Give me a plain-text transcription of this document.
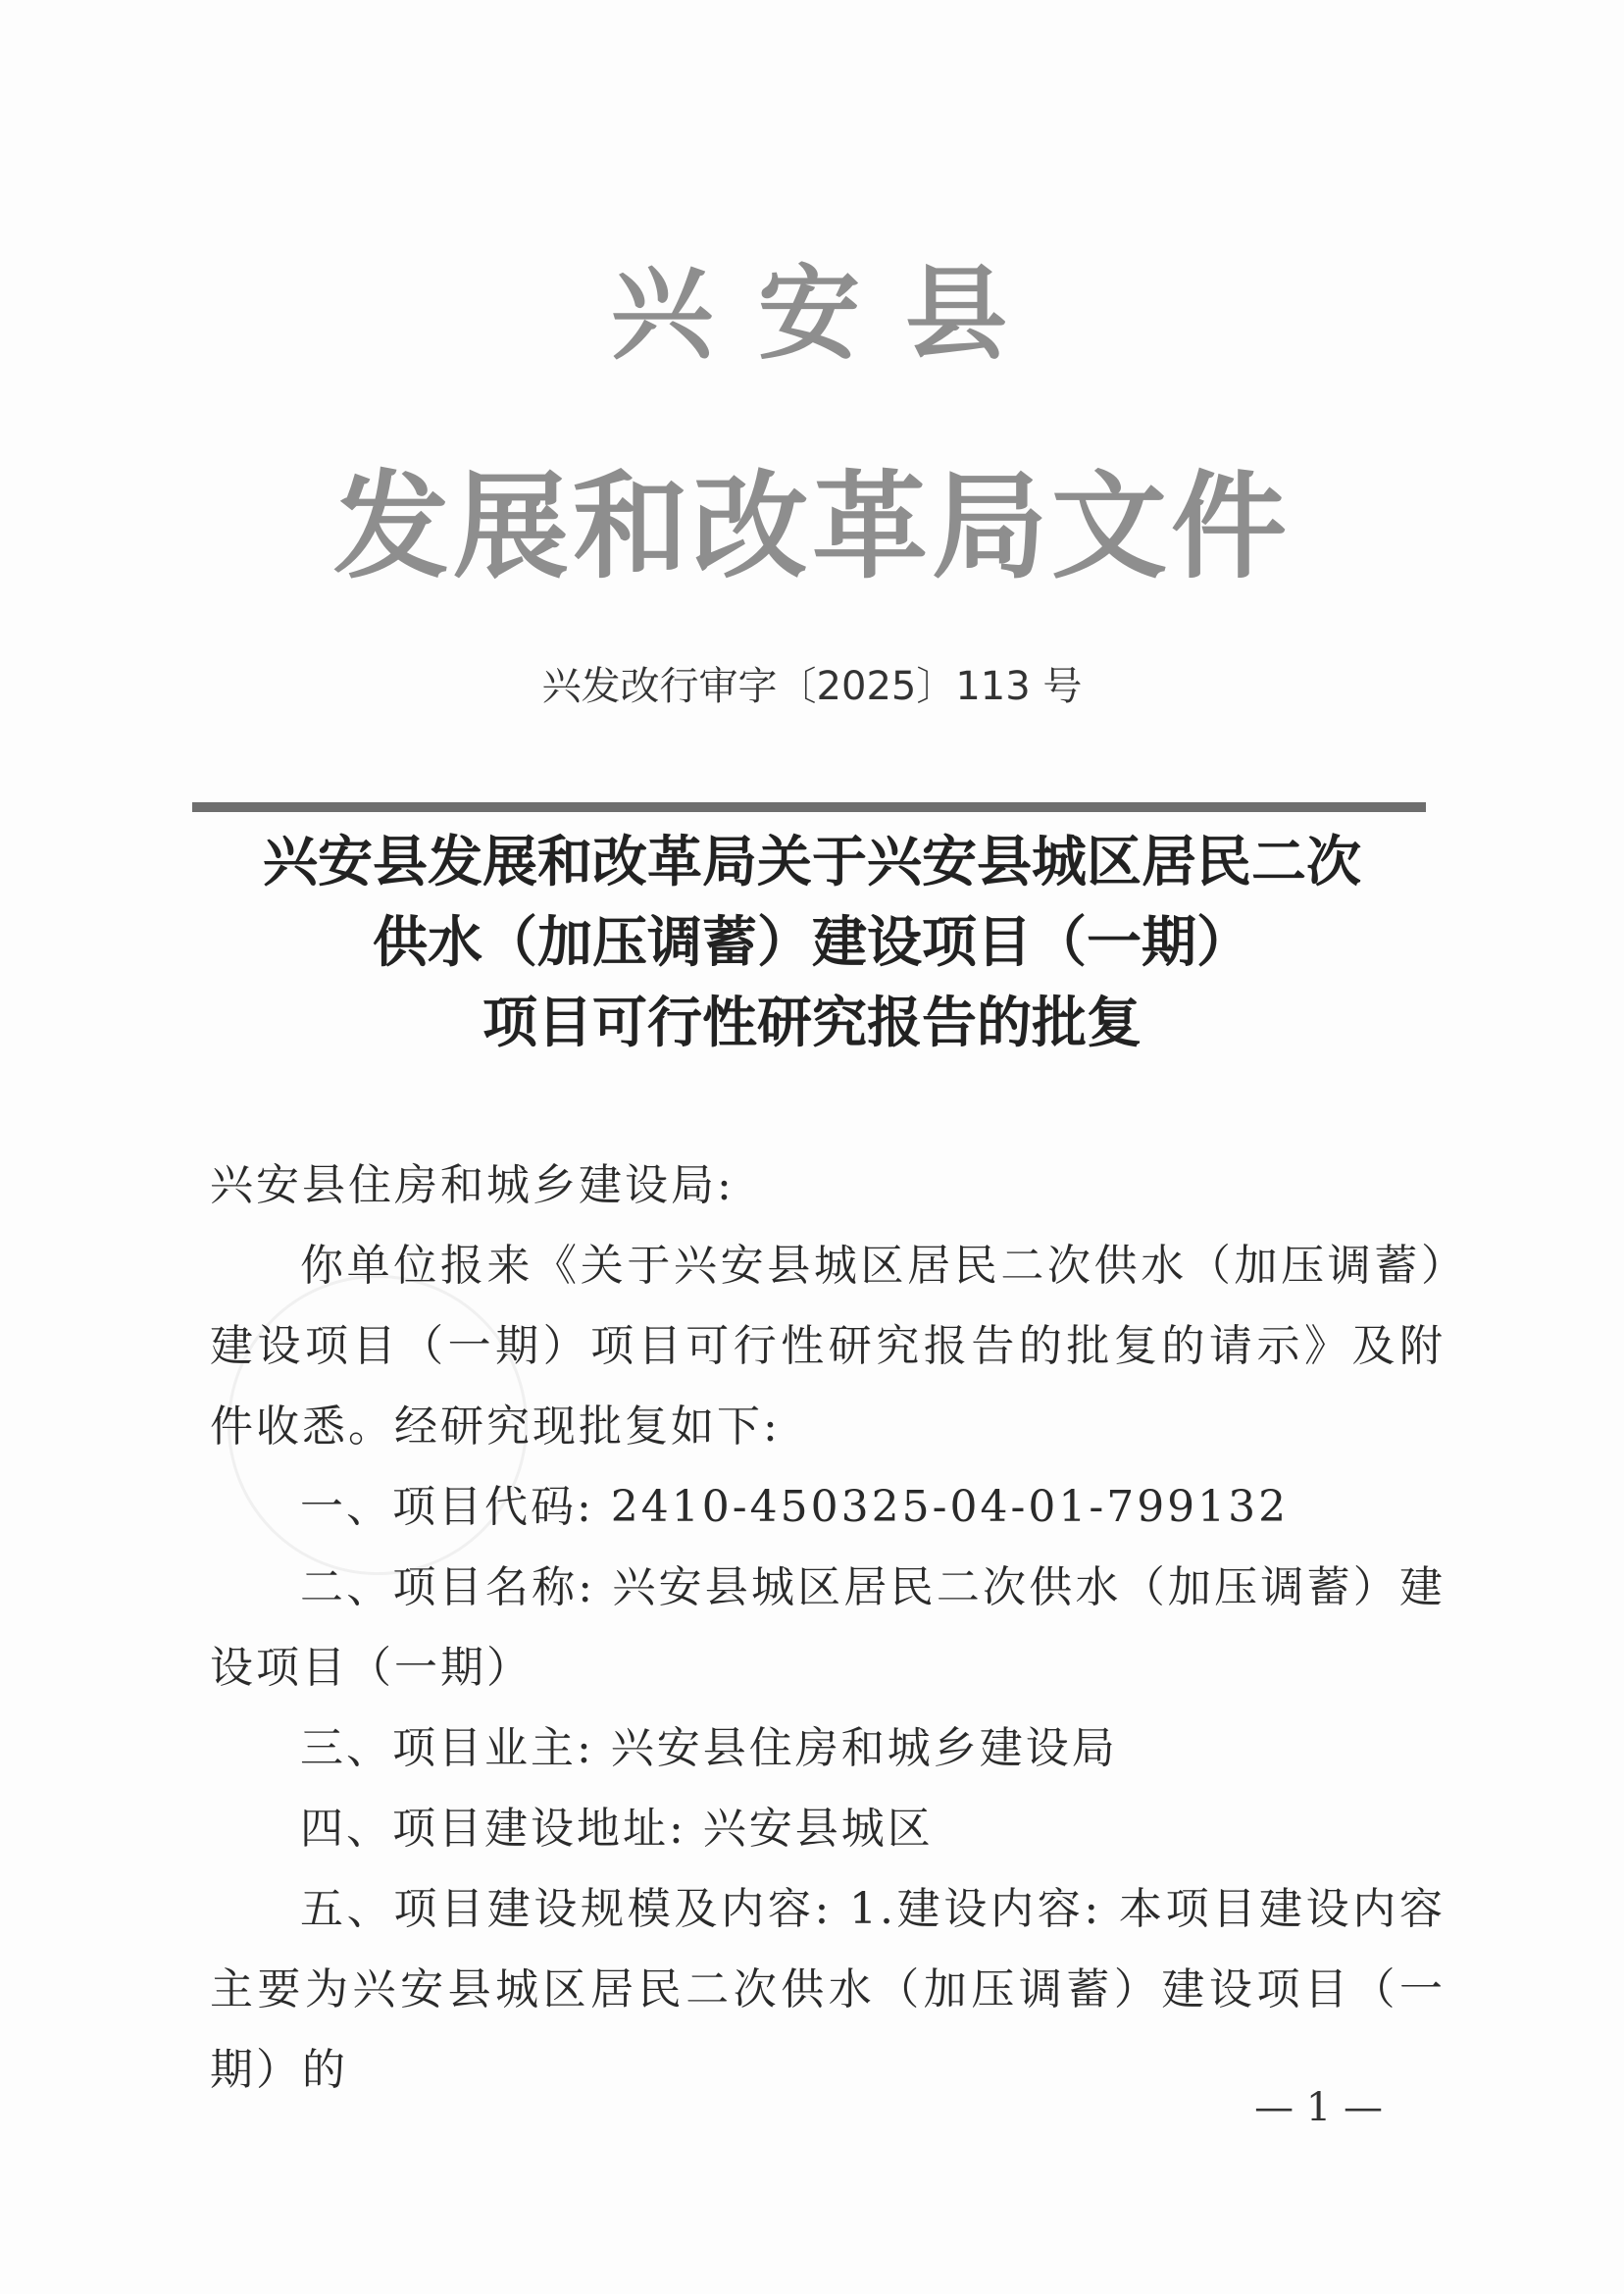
兴安县
发展和改革局文件
兴发改行审字〔2025〕113 号
兴安县发展和改革局关于兴安县城区居民二次
供水（加压调蓄）建设项目（一期）
项目可行性研究报告的批复

兴安县住房和城乡建设局:

你单位报来《关于兴安县城区居民二次供水（加压调蓄）建设项目（一期）项目可行性研究报告的批复的请示》及附件收悉。经研究现批复如下:

一、项目代码: 2410-450325-04-01-799132

二、项目名称: 兴安县城区居民二次供水（加压调蓄）建设项目（一期）

三、项目业主: 兴安县住房和城乡建设局

四、项目建设地址: 兴安县城区

五、项目建设规模及内容: 1.建设内容: 本项目建设内容主要为兴安县城区居民二次供水（加压调蓄）建设项目（一期）的

— 1 —
